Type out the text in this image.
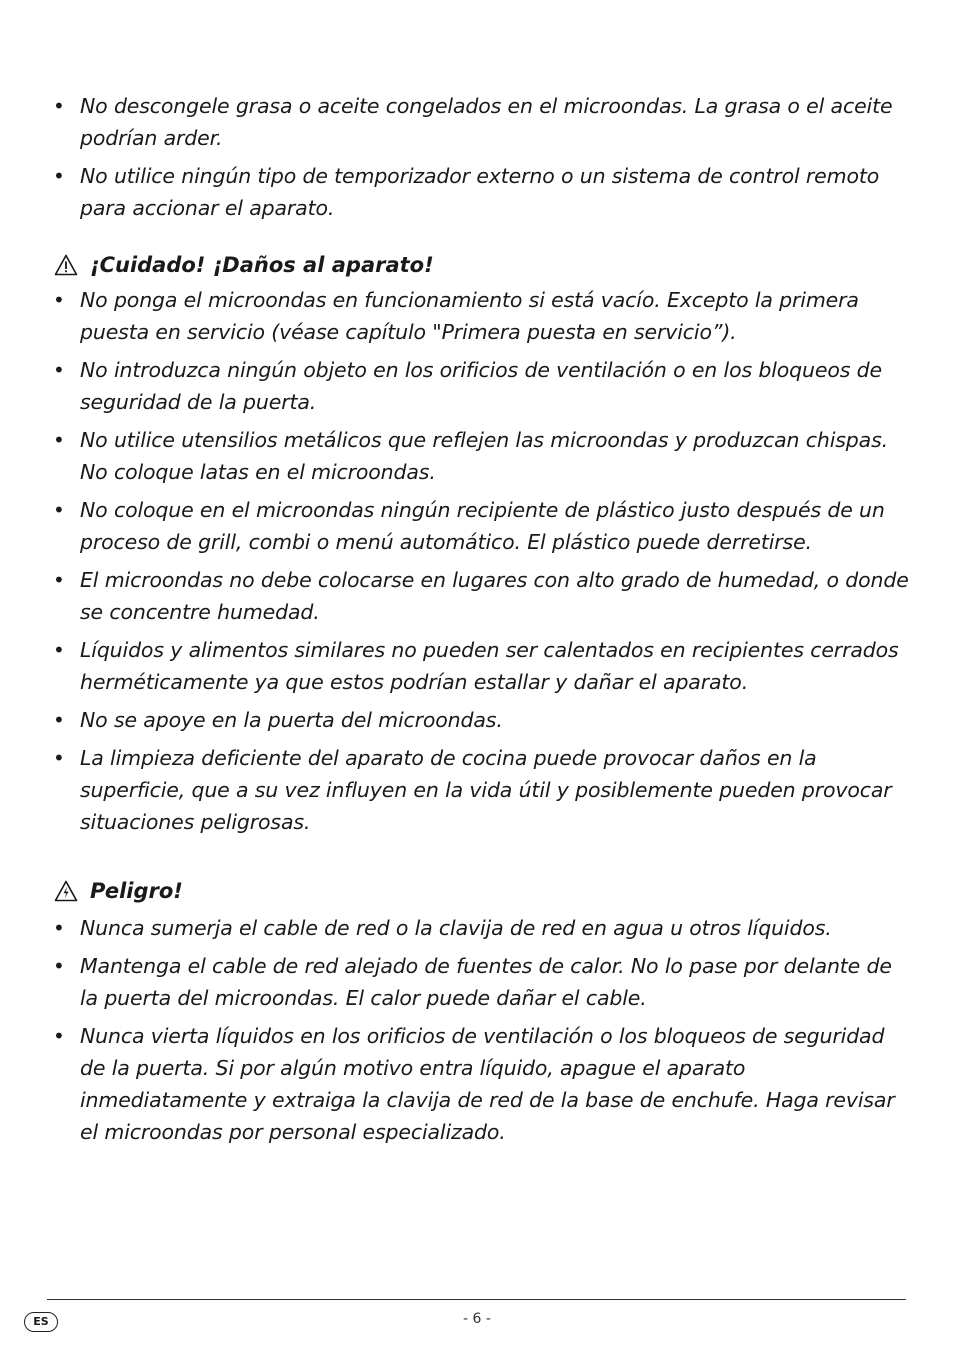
• No descongele grasa o aceite congelados en el microondas. La grasa o el aceite podrían arder.
• No utilice ningún tipo de temporizador externo o un sistema de control remoto para accionar el aparato.
¡Cuidado! ¡Daños al aparato!
• No ponga el microondas en funcionamiento si está vacío. Excepto la primera puesta en servicio (véase capítulo "Primera puesta en servicio”).
• No introduzca ningún objeto en los orificios de ventilación o en los bloqueos de seguridad de la puerta.
• No utilice utensilios metálicos que reflejen las microondas y produzcan chispas. No coloque latas en el microondas.
• No coloque en el microondas ningún recipiente de plástico justo después de un proceso de grill, combi o menú automático. El plástico puede derretirse.
• El microondas no debe colocarse en lugares con alto grado de humedad, o donde se concentre humedad.
• Líquidos y alimentos similares no pueden ser calentados en recipientes cerrados herméticamente ya que estos podrían estallar y dañar el aparato.
• No se apoye en la puerta del microondas.
• La limpieza deficiente del aparato de cocina puede provocar daños en la superficie, que a su vez influyen en la vida útil y posiblemente pueden provocar situaciones peligrosas.
Peligro!
• Nunca sumerja el cable de red o la clavija de red en agua u otros líquidos.
• Mantenga el cable de red alejado de fuentes de calor. No lo pase por delante de la puerta del microondas. El calor puede dañar el cable.
• Nunca vierta líquidos en los orificios de ventilación o los bloqueos de seguridad de la puerta. Si por algún motivo entra líquido, apague el aparato inmediatamente y extraiga la clavija de red de la base de enchufe. Haga revisar el microondas por personal especializado.
ES	- 6 -
